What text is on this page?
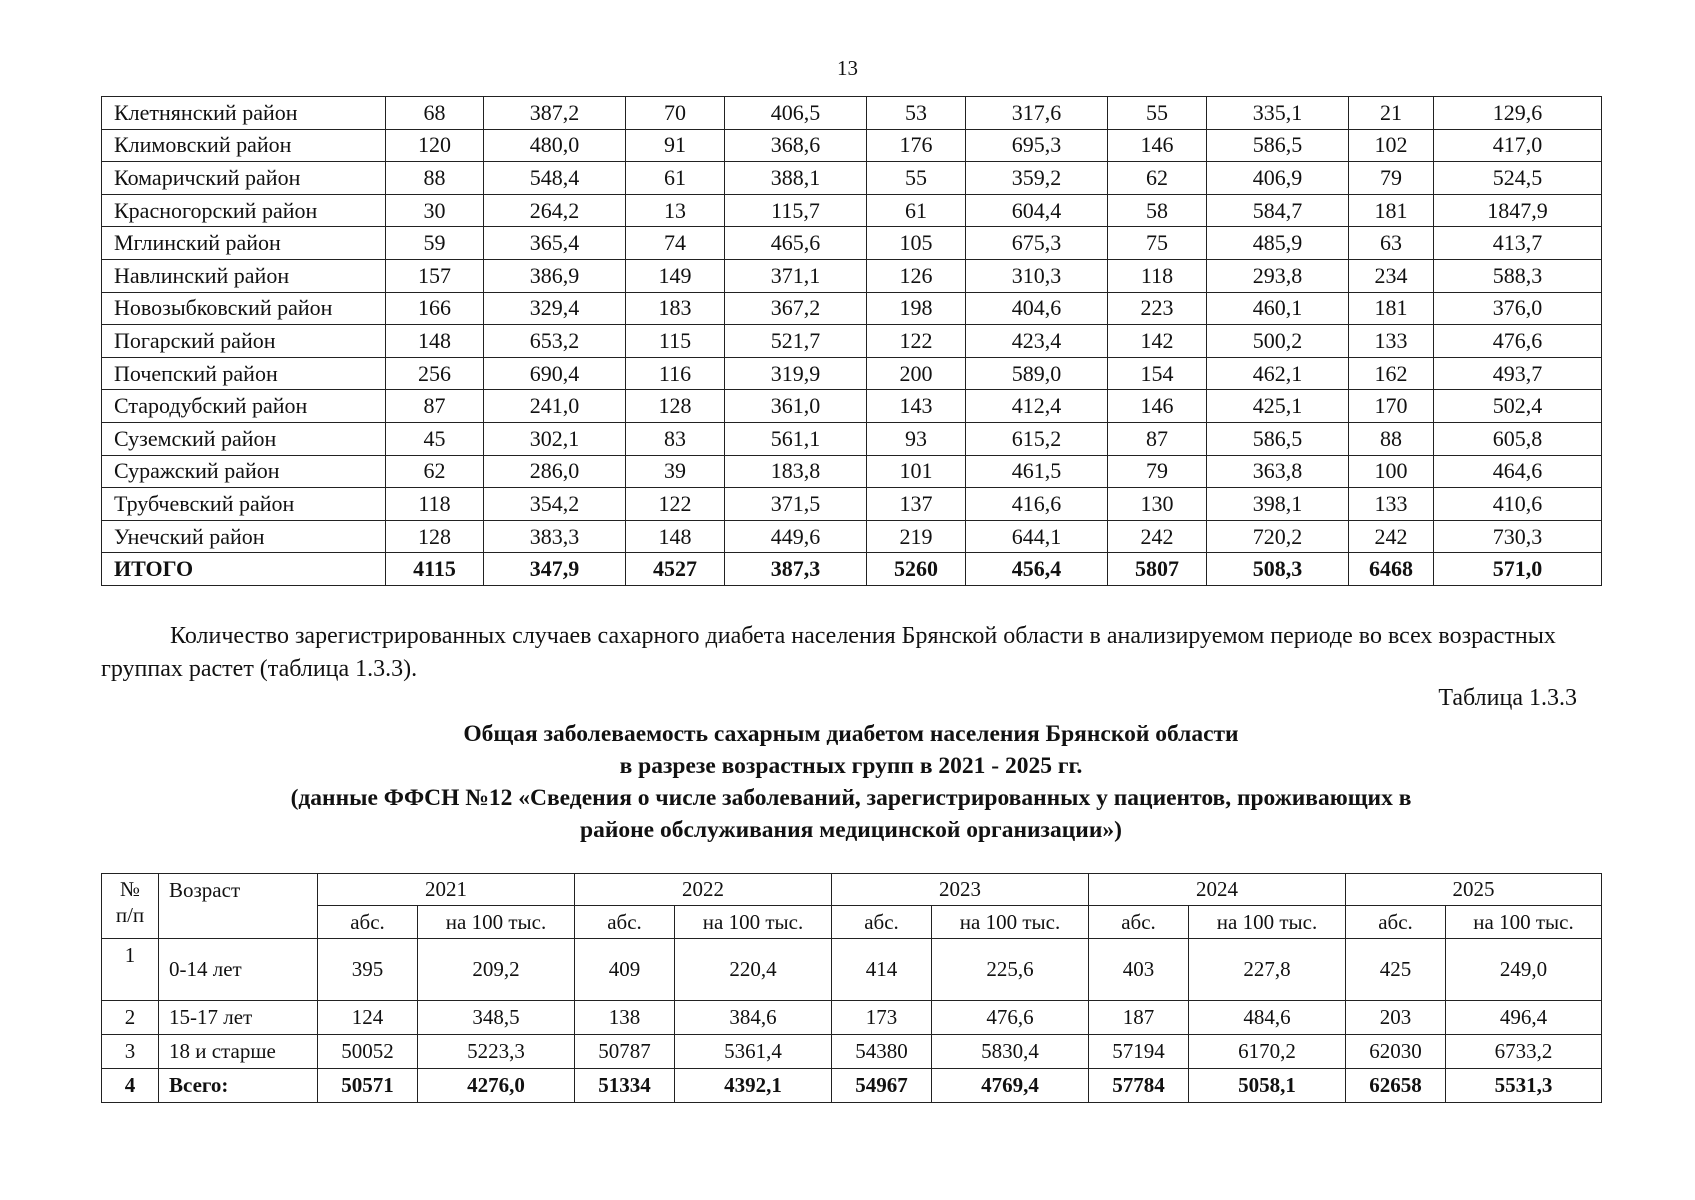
13
Клетнянский район	68	387,2	70	406,5	53	317,6	55	335,1	21	129,6
Климовский район	120	480,0	91	368,6	176	695,3	146	586,5	102	417,0
Комаричский район	88	548,4	61	388,1	55	359,2	62	406,9	79	524,5
Красногорский район	30	264,2	13	115,7	61	604,4	58	584,7	181	1847,9
Мглинский район	59	365,4	74	465,6	105	675,3	75	485,9	63	413,7
Навлинский район	157	386,9	149	371,1	126	310,3	118	293,8	234	588,3
Новозыбковский район	166	329,4	183	367,2	198	404,6	223	460,1	181	376,0
Погарский район	148	653,2	115	521,7	122	423,4	142	500,2	133	476,6
Почепский район	256	690,4	116	319,9	200	589,0	154	462,1	162	493,7
Стародубский район	87	241,0	128	361,0	143	412,4	146	425,1	170	502,4
Суземский район	45	302,1	83	561,1	93	615,2	87	586,5	88	605,8
Суражский район	62	286,0	39	183,8	101	461,5	79	363,8	100	464,6
Трубчевский район	118	354,2	122	371,5	137	416,6	130	398,1	133	410,6
Унечский район	128	383,3	148	449,6	219	644,1	242	720,2	242	730,3
ИТОГО	4115	347,9	4527	387,3	5260	456,4	5807	508,3	6468	571,0
Количество зарегистрированных случаев сахарного диабета населения Брянской области в анализируемом периоде во всех возрастных группах растет (таблица 1.3.3).
Таблица 1.3.3
Общая заболеваемость сахарным диабетом населения Брянской области
в разрезе возрастных групп в 2021 - 2025 гг.
(данные ФФСН №12 «Сведения о числе заболеваний, зарегистрированных у пациентов, проживающих в
районе обслуживания медицинской организации»)
№
п/п	Возраст	2021		2022		2023		2024		2025	
		абс.	на 100 тыс.	абс.	на 100 тыс.	абс.	на 100 тыс.	абс.	на 100 тыс.	абс.	на 100 тыс.
1	0-14 лет	395	209,2	409	220,4	414	225,6	403	227,8	425	249,0
2	15-17 лет	124	348,5	138	384,6	173	476,6	187	484,6	203	496,4
3	18 и старше	50052	5223,3	50787	5361,4	54380	5830,4	57194	6170,2	62030	6733,2
4	Всего:	50571	4276,0	51334	4392,1	54967	4769,4	57784	5058,1	62658	5531,3
